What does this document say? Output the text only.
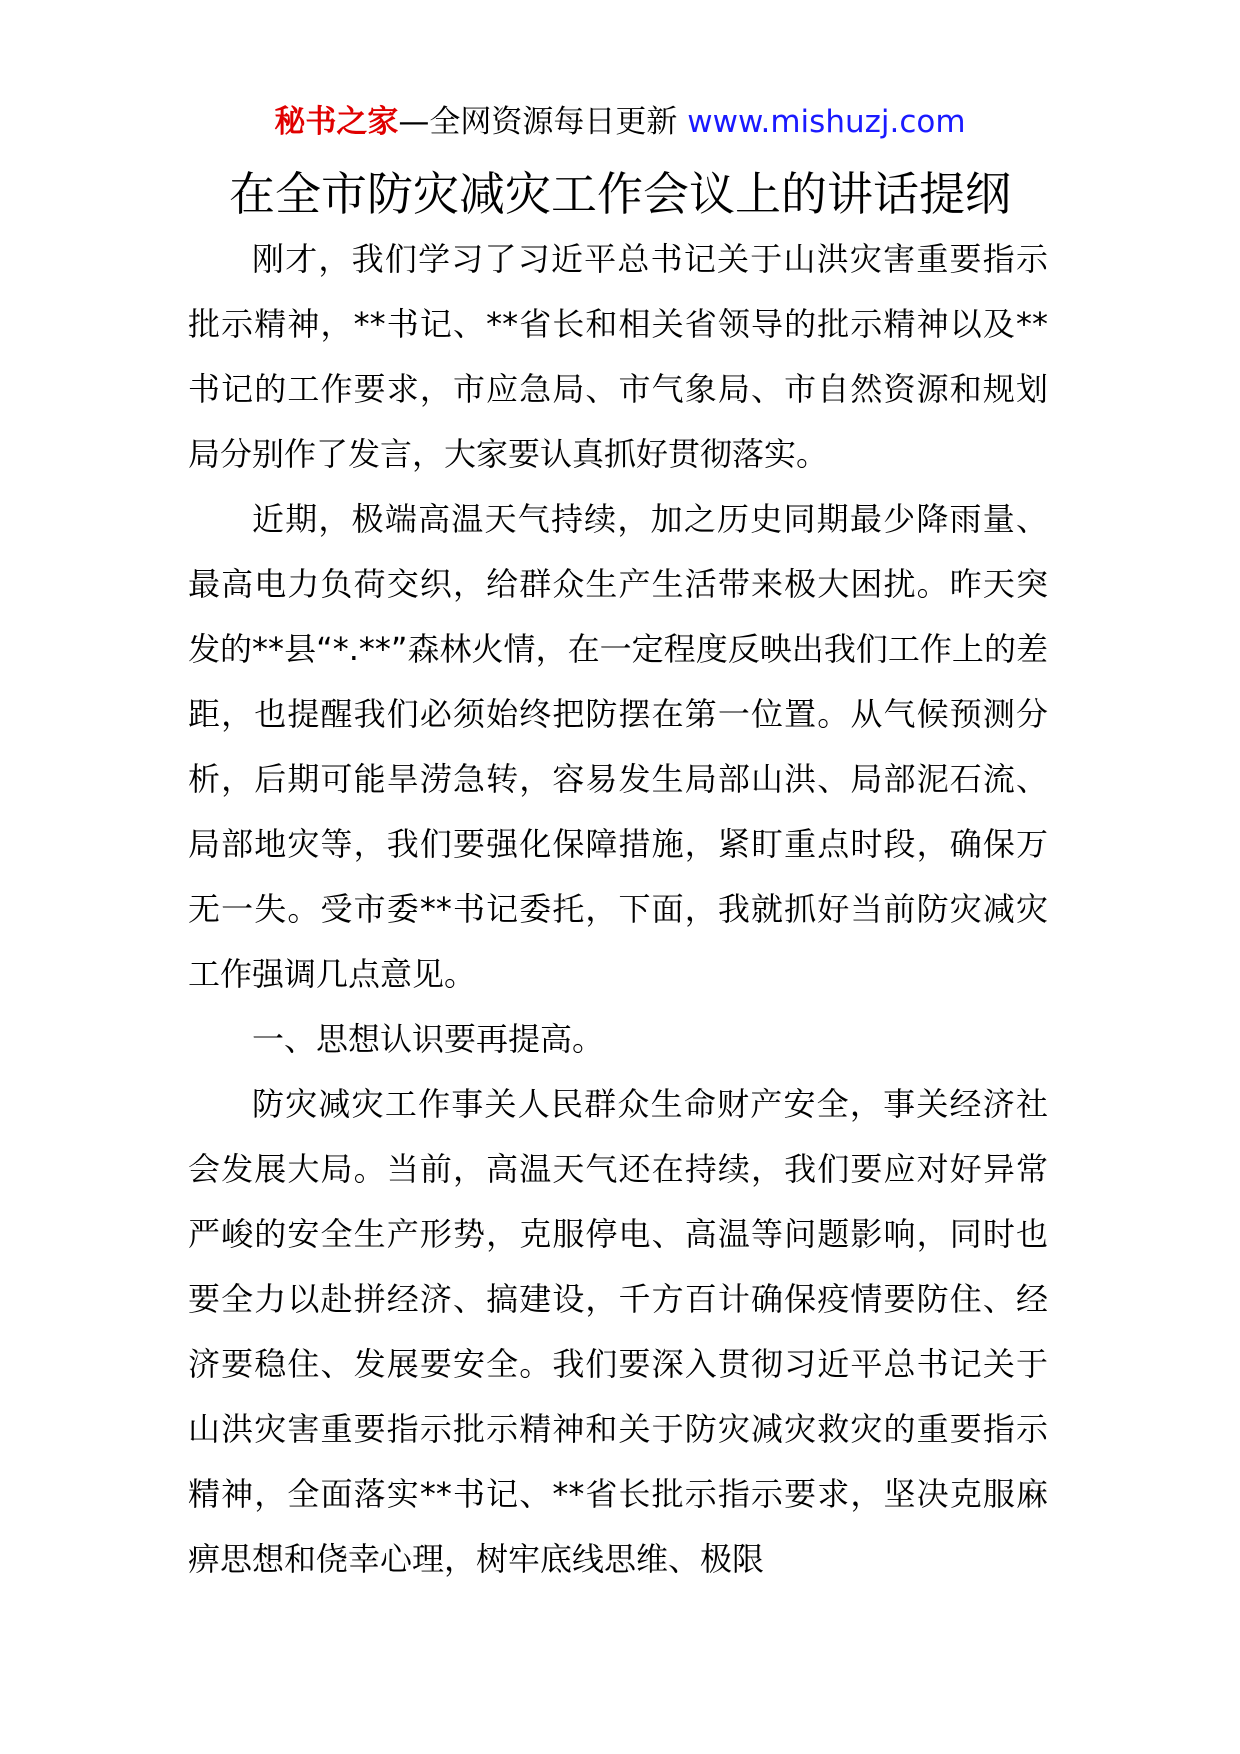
秘书之家—全网资源每日更新 www.mishuzj.com
在全市防灾减灾工作会议上的讲话提纲

刚才，我们学习了习近平总书记关于山洪灾害重要指示批示精神，**书记、**省长和相关省领导的批示精神以及**书记的工作要求，市应急局、市气象局、市自然资源和规划局分别作了发言，大家要认真抓好贯彻落实。

近期，极端高温天气持续，加之历史同期最少降雨量、最高电力负荷交织，给群众生产生活带来极大困扰。昨天突发的**县“*.**”森林火情，在一定程度反映出我们工作上的差距，也提醒我们必须始终把防摆在第一位置。从气候预测分析，后期可能旱涝急转，容易发生局部山洪、局部泥石流、局部地灾等，我们要强化保障措施，紧盯重点时段，确保万无一失。受市委**书记委托，下面，我就抓好当前防灾减灾工作强调几点意见。

一、思想认识要再提高。

防灾减灾工作事关人民群众生命财产安全，事关经济社会发展大局。当前，高温天气还在持续，我们要应对好异常严峻的安全生产形势，克服停电、高温等问题影响，同时也要全力以赴拼经济、搞建设，千方百计确保疫情要防住、经济要稳住、发展要安全。我们要深入贯彻习近平总书记关于山洪灾害重要指示批示精神和关于防灾减灾救灾的重要指示精神，全面落实**书记、**省长批示指示要求，坚决克服麻痹思想和侥幸心理，树牢底线思维、极限
